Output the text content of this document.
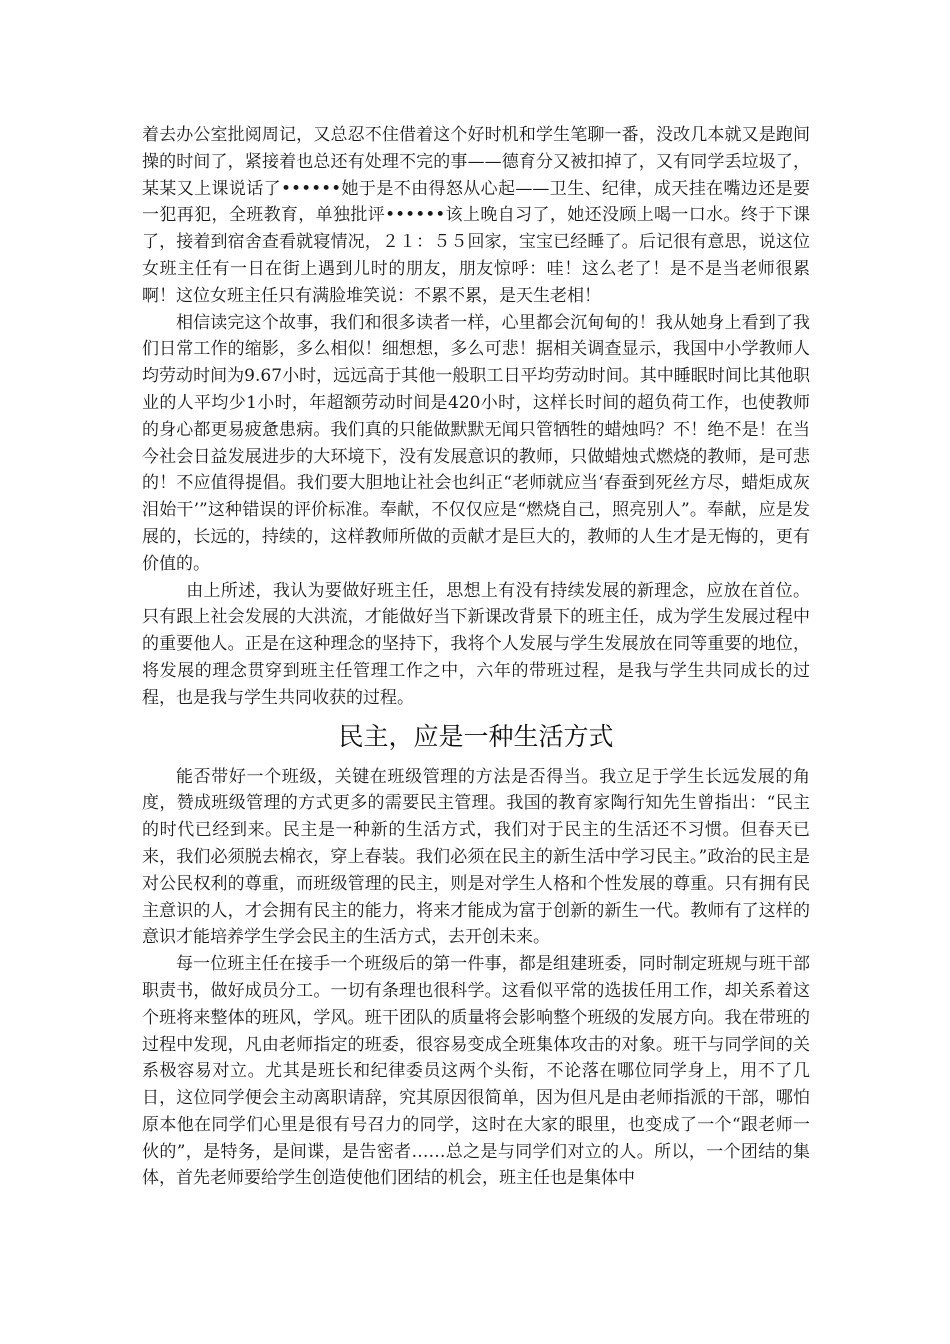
着去办公室批阅周记，又总忍不住借着这个好时机和学生笔聊一番，没改几本就又是跑间操的时间了，紧接着也总还有处理不完的事——德育分又被扣掉了，又有同学丢垃圾了，某某又上课说话了••••••她于是不由得怒从心起——卫生、纪律，成天挂在嘴边还是要一犯再犯，全班教育，单独批评••••••该上晚自习了，她还没顾上喝一口水。终于下课了，接着到宿舍查看就寝情况，２１：５５回家，宝宝已经睡了。后记很有意思，说这位女班主任有一日在街上遇到儿时的朋友，朋友惊呼：哇！这么老了！是不是当老师很累啊！这位女班主任只有满脸堆笑说：不累不累，是天生老相！

相信读完这个故事，我们和很多读者一样，心里都会沉甸甸的！我从她身上看到了我们日常工作的缩影，多么相似！细想想，多么可悲！据相关调查显示，我国中小学教师人均劳动时间为9.67小时，远远高于其他一般职工日平均劳动时间。其中睡眠时间比其他职业的人平均少1小时，年超额劳动时间是420小时，这样长时间的超负荷工作，也使教师的身心都更易疲惫患病。我们真的只能做默默无闻只管牺牲的蜡烛吗？不！绝不是！在当今社会日益发展进步的大环境下，没有发展意识的教师，只做蜡烛式燃烧的教师，是可悲的！不应值得提倡。我们要大胆地让社会也纠正“老师就应当‘春蚕到死丝方尽，蜡炬成灰泪始干’”这种错误的评价标准。奉献，不仅仅应是“燃烧自己，照亮别人”。奉献，应是发展的，长远的，持续的，这样教师所做的贡献才是巨大的，教师的人生才是无悔的，更有价值的。

由上所述，我认为要做好班主任，思想上有没有持续发展的新理念，应放在首位。只有跟上社会发展的大洪流，才能做好当下新课改背景下的班主任，成为学生发展过程中的重要他人。正是在这种理念的坚持下，我将个人发展与学生发展放在同等重要的地位，将发展的理念贯穿到班主任管理工作之中，六年的带班过程，是我与学生共同成长的过程，也是我与学生共同收获的过程。

民主，应是一种生活方式

能否带好一个班级，关键在班级管理的方法是否得当。我立足于学生长远发展的角度，赞成班级管理的方式更多的需要民主管理。我国的教育家陶行知先生曾指出：“民主的时代已经到来。民主是一种新的生活方式，我们对于民主的生活还不习惯。但春天已来，我们必须脱去棉衣，穿上春装。我们必须在民主的新生活中学习民主。”政治的民主是对公民权利的尊重，而班级管理的民主，则是对学生人格和个性发展的尊重。只有拥有民主意识的人，才会拥有民主的能力，将来才能成为富于创新的新生一代。教师有了这样的意识才能培养学生学会民主的生活方式，去开创未来。

每一位班主任在接手一个班级后的第一件事，都是组建班委，同时制定班规与班干部职责书，做好成员分工。一切有条理也很科学。这看似平常的选拔任用工作，却关系着这个班将来整体的班风，学风。班干团队的质量将会影响整个班级的发展方向。我在带班的过程中发现，凡由老师指定的班委，很容易变成全班集体攻击的对象。班干与同学间的关系极容易对立。尤其是班长和纪律委员这两个头衔，不论落在哪位同学身上，用不了几日，这位同学便会主动离职请辞，究其原因很简单，因为但凡是由老师指派的干部，哪怕原本他在同学们心里是很有号召力的同学，这时在大家的眼里，也变成了一个“跟老师一伙的”，是特务，是间谍，是告密者……总之是与同学们对立的人。所以，一个团结的集体，首先老师要给学生创造使他们团结的机会，班主任也是集体中
